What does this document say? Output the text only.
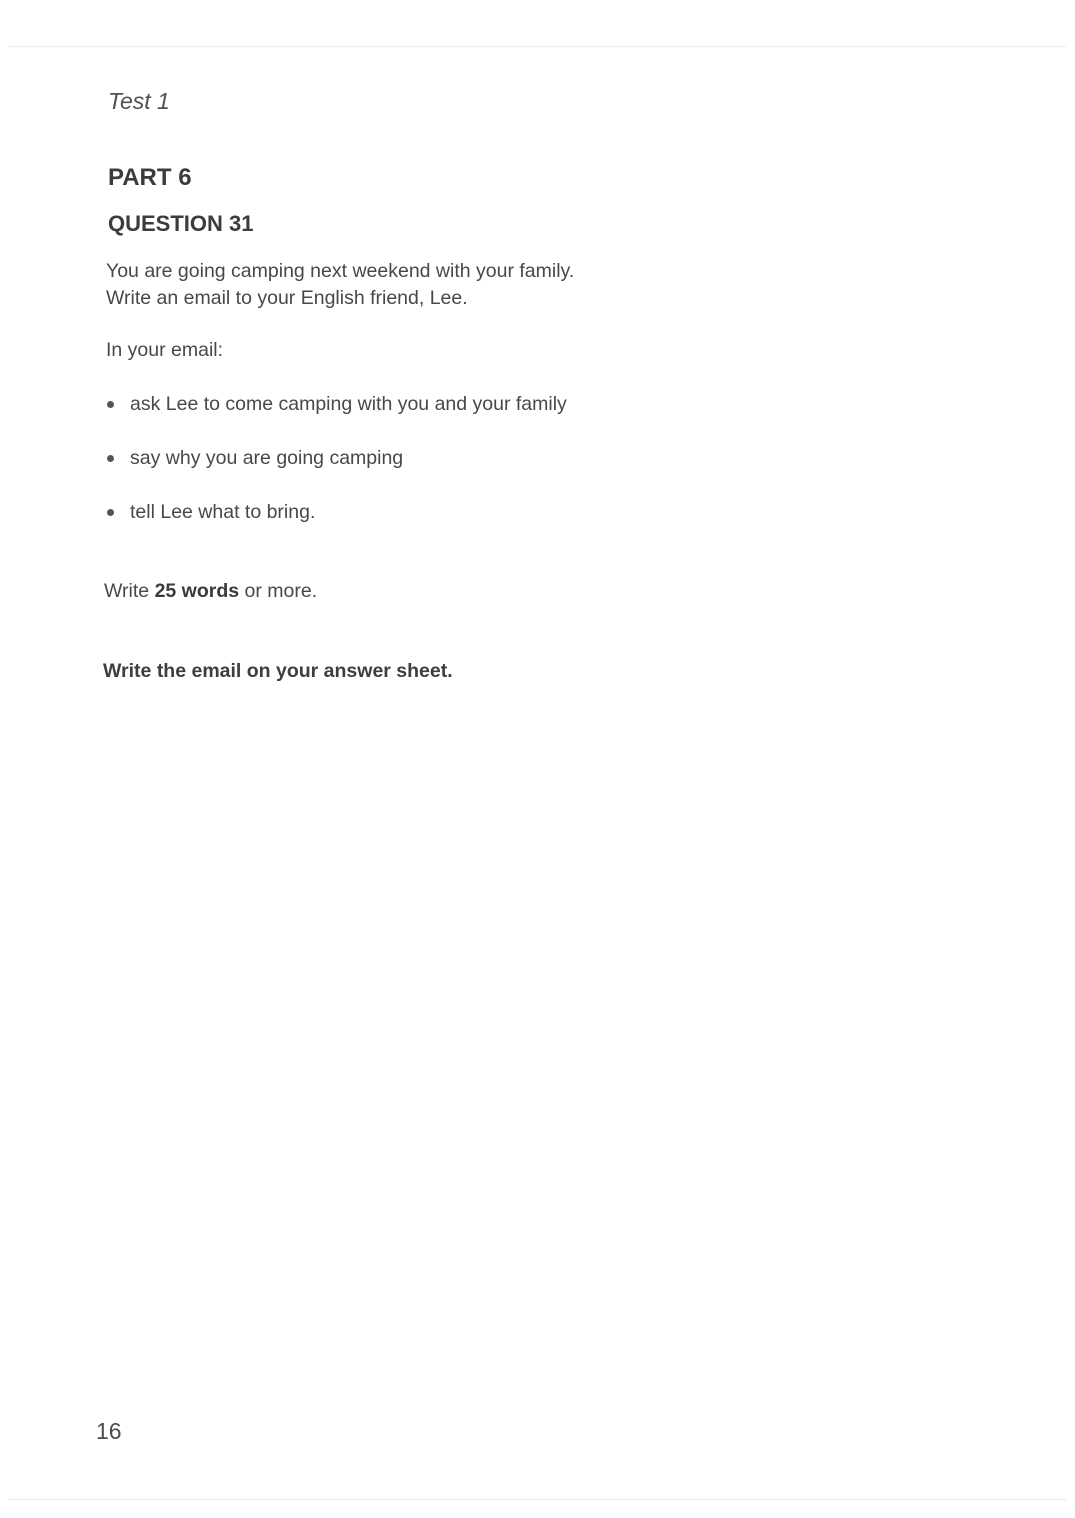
Test 1

PART 6
QUESTION 31

You are going camping next weekend with your family.
Write an email to your English friend, Lee.

In your email:

ask Lee to come camping with you and your family
say why you are going camping
tell Lee what to bring.

Write 25 words or more.

Write the email on your answer sheet.

16
